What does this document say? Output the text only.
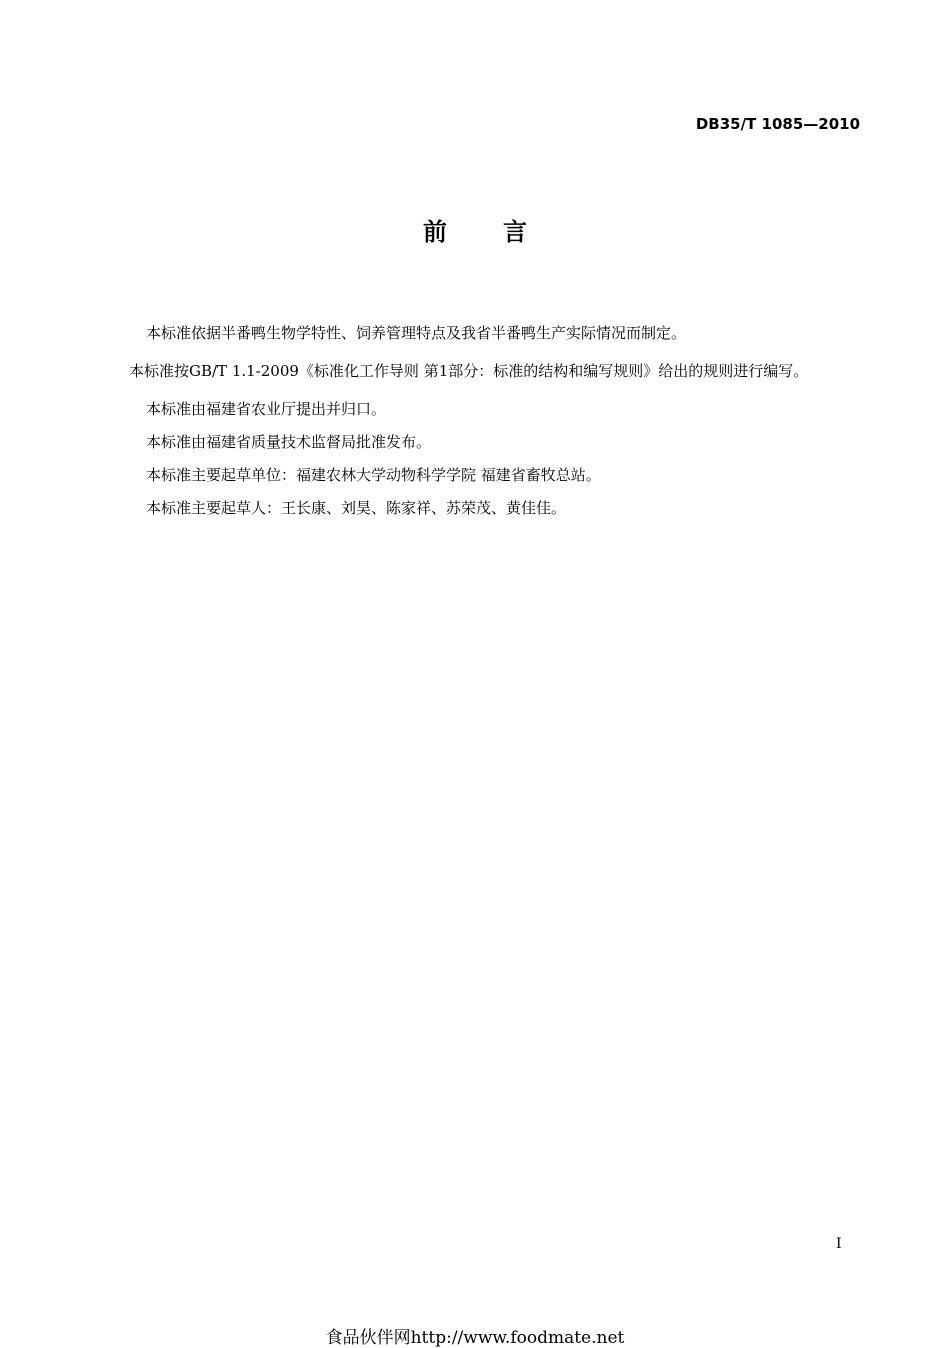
DB35/T 1085—2010
前 言

本标准依据半番鸭生物学特性、饲养管理特点及我省半番鸭生产实际情况而制定。

本标准按GB/T 1.1-2009《标准化工作导则 第1部分：标准的结构和编写规则》给出的规则进行编写。

本标准由福建省农业厅提出并归口。

本标准由福建省质量技术监督局批准发布。

本标准主要起草单位：福建农林大学动物科学学院 福建省畜牧总站。

本标准主要起草人：王长康、刘昊、陈家祥、苏荣茂、黄佳佳。

I
食品伙伴网http://www.foodmate.net
